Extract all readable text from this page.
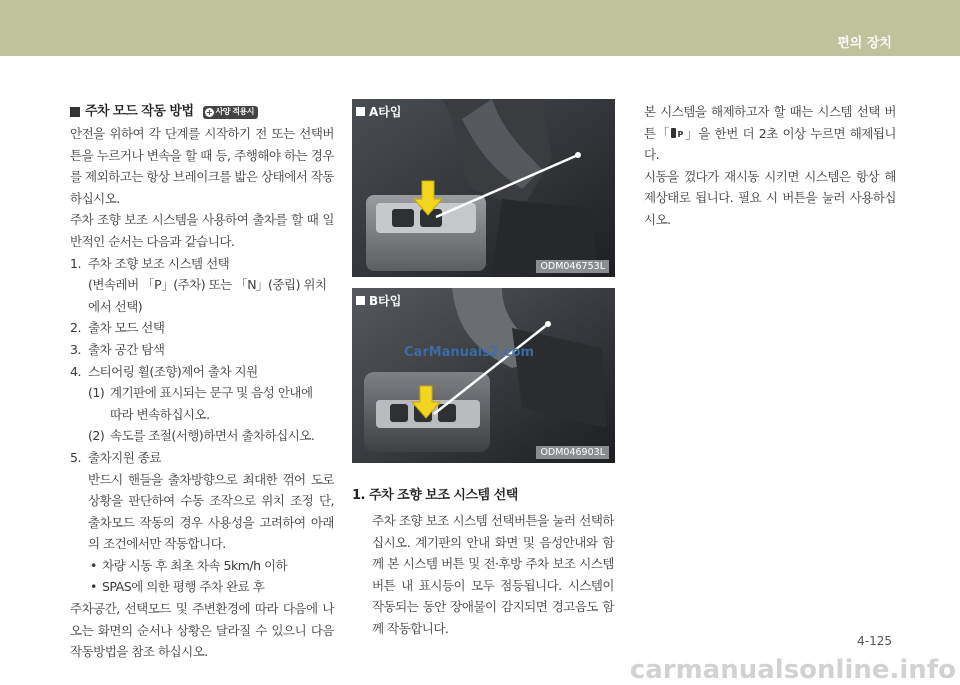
편의 장치
주차 모드 작동 방법 + 사양 적용시

안전을 위하여 각 단계를 시작하기 전 또는 선택버튼을 누르거나 변속을 할 때 등, 주행해야 하는 경우를 제외하고는 항상 브레이크를 밟은 상태에서 작동하십시오.

주차 조향 보조 시스템을 사용하여 출차를 할 때 일반적인 순서는 다음과 같습니다.

1. 주차 조향 보조 시스템 선택

(변속레버 「P」(주차) 또는 「N」(중립) 위치에서 선택)

2. 출차 모드 선택
3. 출차 공간 탐색
4. 스티어링 휠(조향)제어 출차 지원
(1) 계기판에 표시되는 문구 및 음성 안내에

따라 변속하십시오.

(2) 속도를 조절(서행)하면서 출차하십시오.
5. 출차지원 종료

반드시 핸들을 출차방향으로 최대한 꺾어 도로 상황을 판단하여 수동 조작으로 위치 조정 단, 출차모드 작동의 경우 사용성을 고려하여 아래의 조건에서만 작동합니다.

• 차량 시동 후 최초 차속 5km/h 이하
• SPAS에 의한 평행 주차 완료 후

주차공간, 선택모드 및 주변환경에 따라 다음에 나오는 화면의 순서나 상황은 달라질 수 있으니 다음 작동방법을 참조 하십시오.

A타입
ODM046753L
B타입
ODM046903L
CarManuals2.com
1. 주차 조향 보조 시스템 선택

주차 조향 보조 시스템 선택버튼을 눌러 선택하십시오. 계기판의 안내 화면 및 음성안내와 함께 본 시스템 버튼 및 전·후방 주차 보조 시스템 버튼 내 표시등이 모두 점등됩니다. 시스템이 작동되는 동안 장애물이 감지되면 경고음도 함께 작동합니다.

본 시스템을 해제하고자 할 때는 시스템 선택 버튼「 P 」을 한번 더 2초 이상 누르면 해제됩니다.

시동을 껐다가 재시동 시키면 시스템은 항상 해제상태로 됩니다. 필요 시 버튼을 눌러 사용하십시오.

4-125
carmanualsonline.info
